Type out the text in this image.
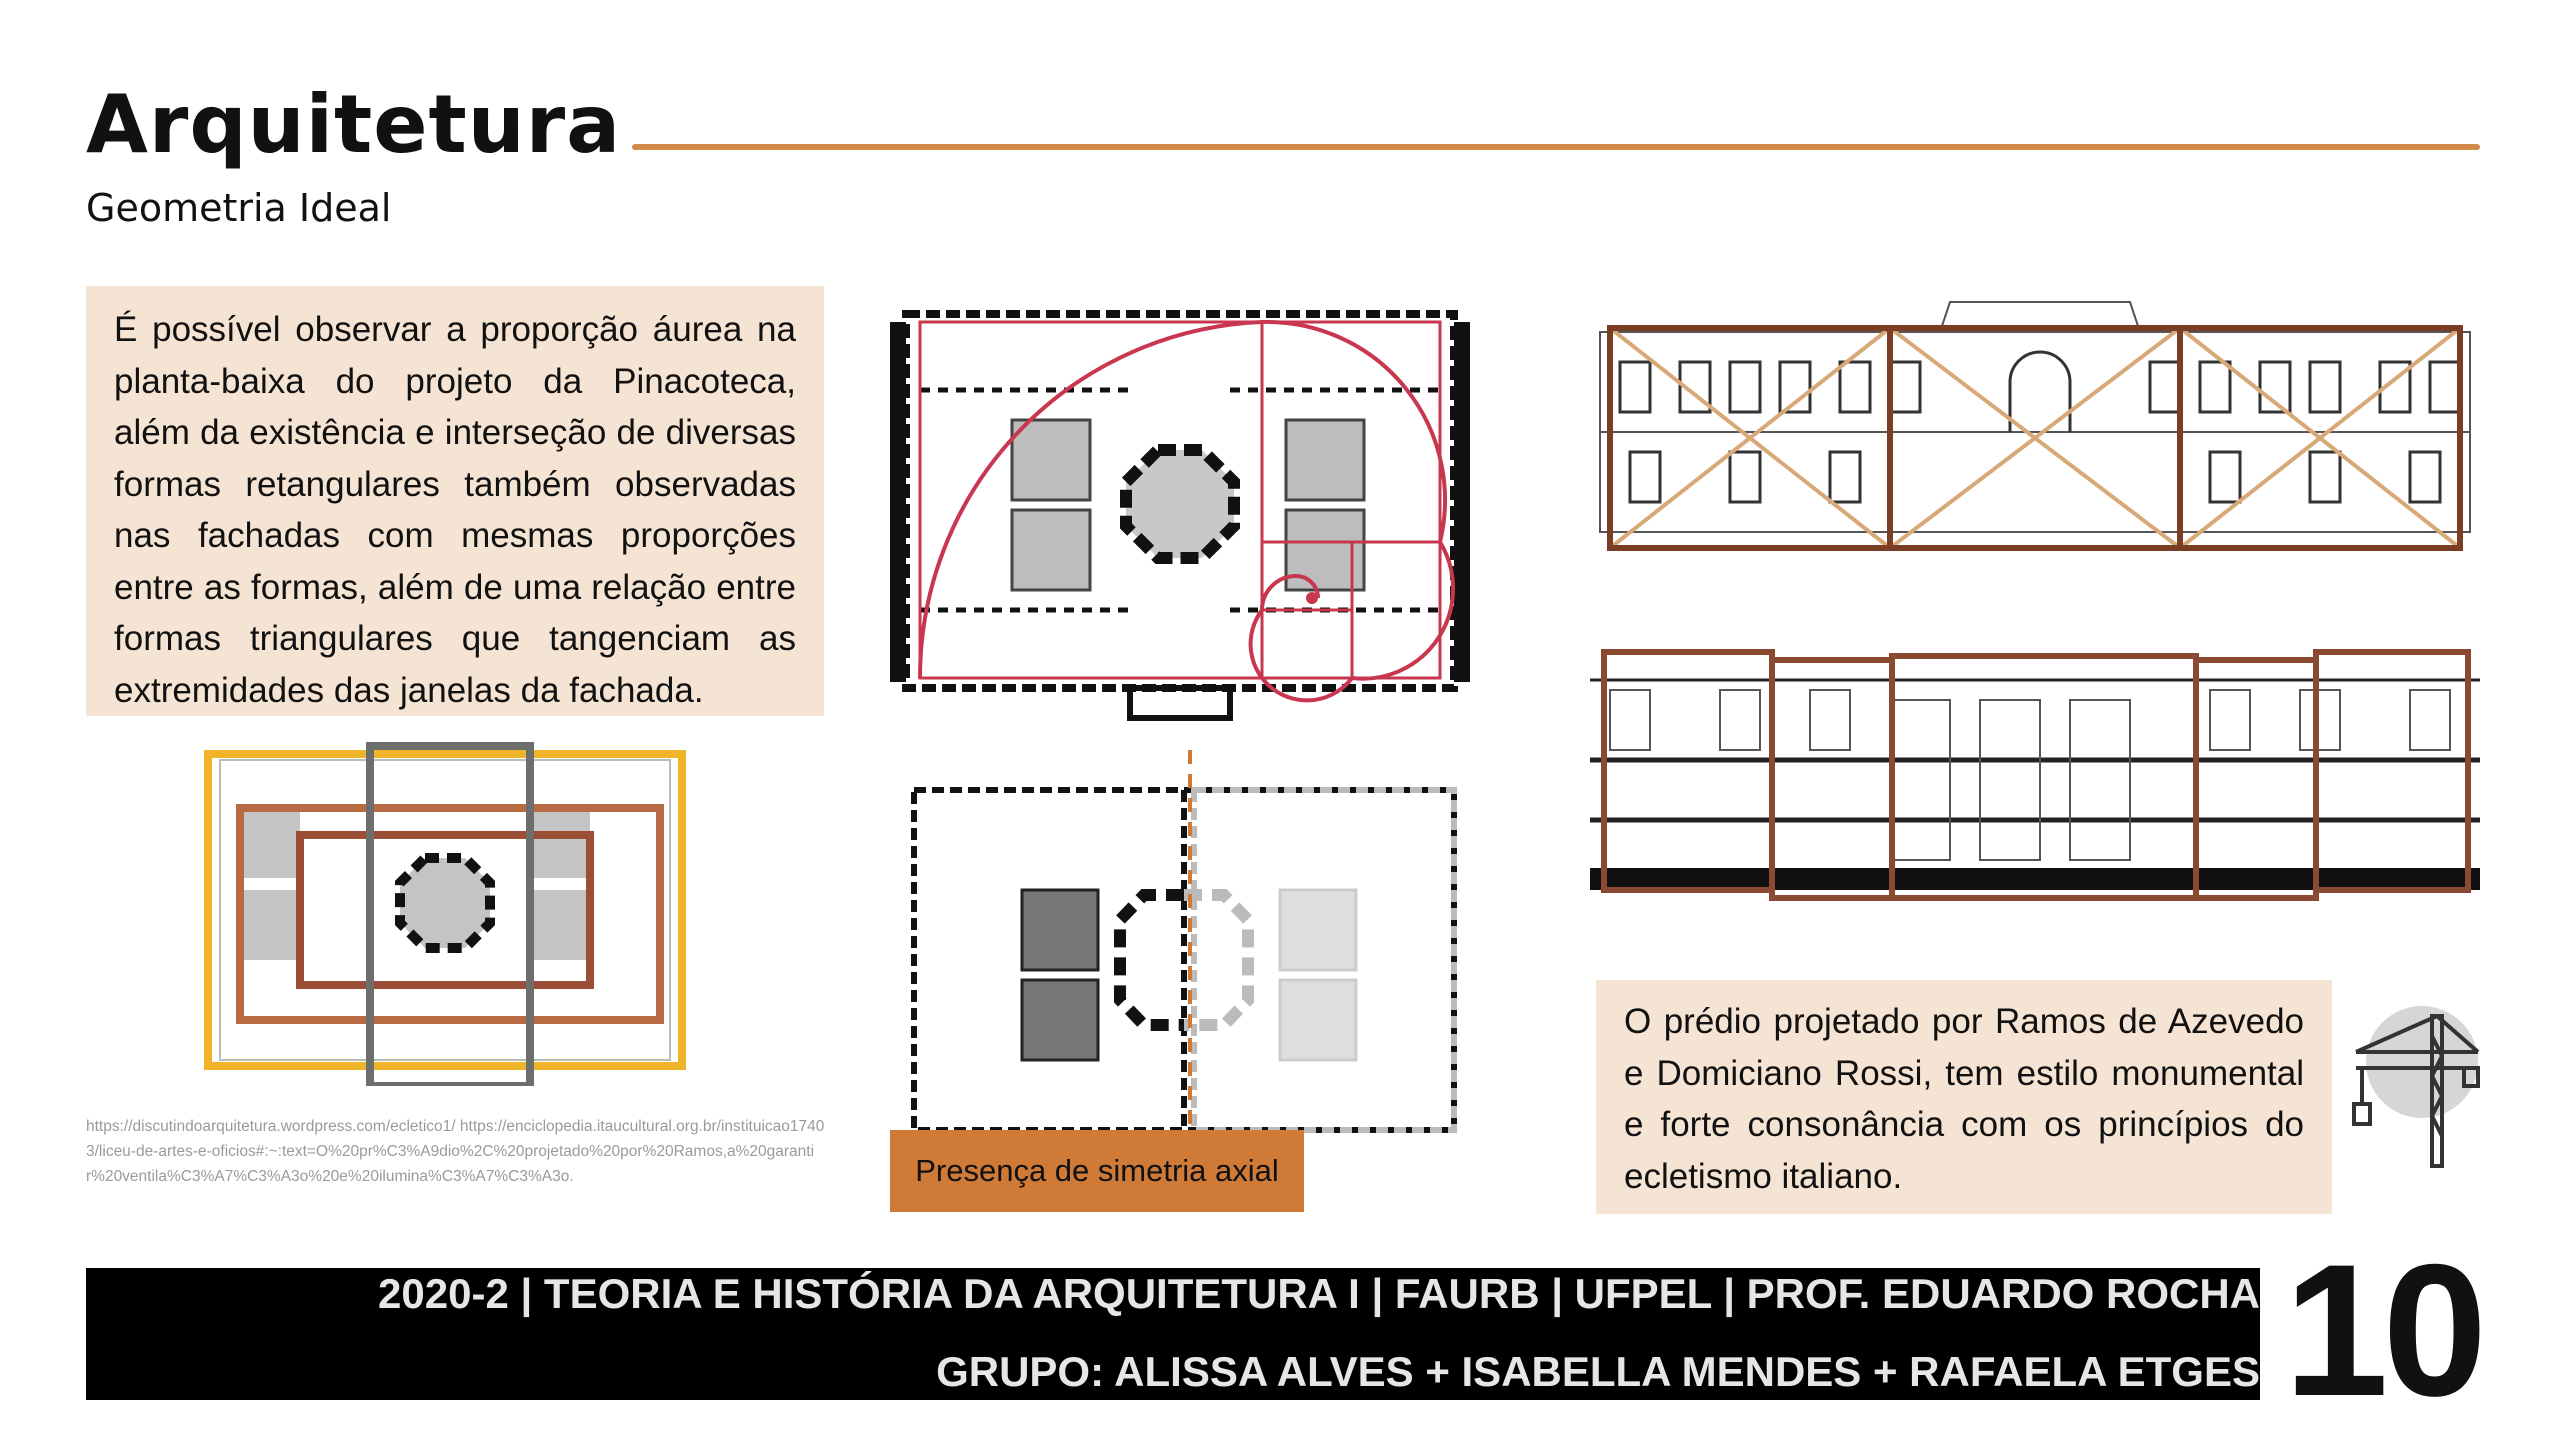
Arquitetura
Geometria Ideal
É possível observar a proporção áurea na planta-baixa do projeto da Pinacoteca, além da existência e interseção de diversas formas retangulares também observadas nas fachadas com mesmas proporções entre as formas, além de uma relação entre formas triangulares que tangenciam as extremidades das janelas da fachada.
Presença de simetria axial
https://discutindoarquitetura.wordpress.com/ecletico1/ https://enciclopedia.itaucultural.org.br/instituicao17403/liceu-de-artes-e-oficios#:~:text=O%20pr%C3%A9dio%2C%20projetado%20por%20Ramos,a%20garantir%20ventila%C3%A7%C3%A3o%20e%20ilumina%C3%A7%C3%A3o.
O prédio projetado por Ramos de Azevedo e Domiciano Rossi, tem estilo monumental e forte consonância com os princípios do ecletismo italiano.
2020-2 | TEORIA E HISTÓRIA DA ARQUITETURA I | FAURB | UFPEL | PROF. EDUARDO ROCHA
GRUPO: ALISSA ALVES + ISABELLA MENDES + RAFAELA ETGES 10
